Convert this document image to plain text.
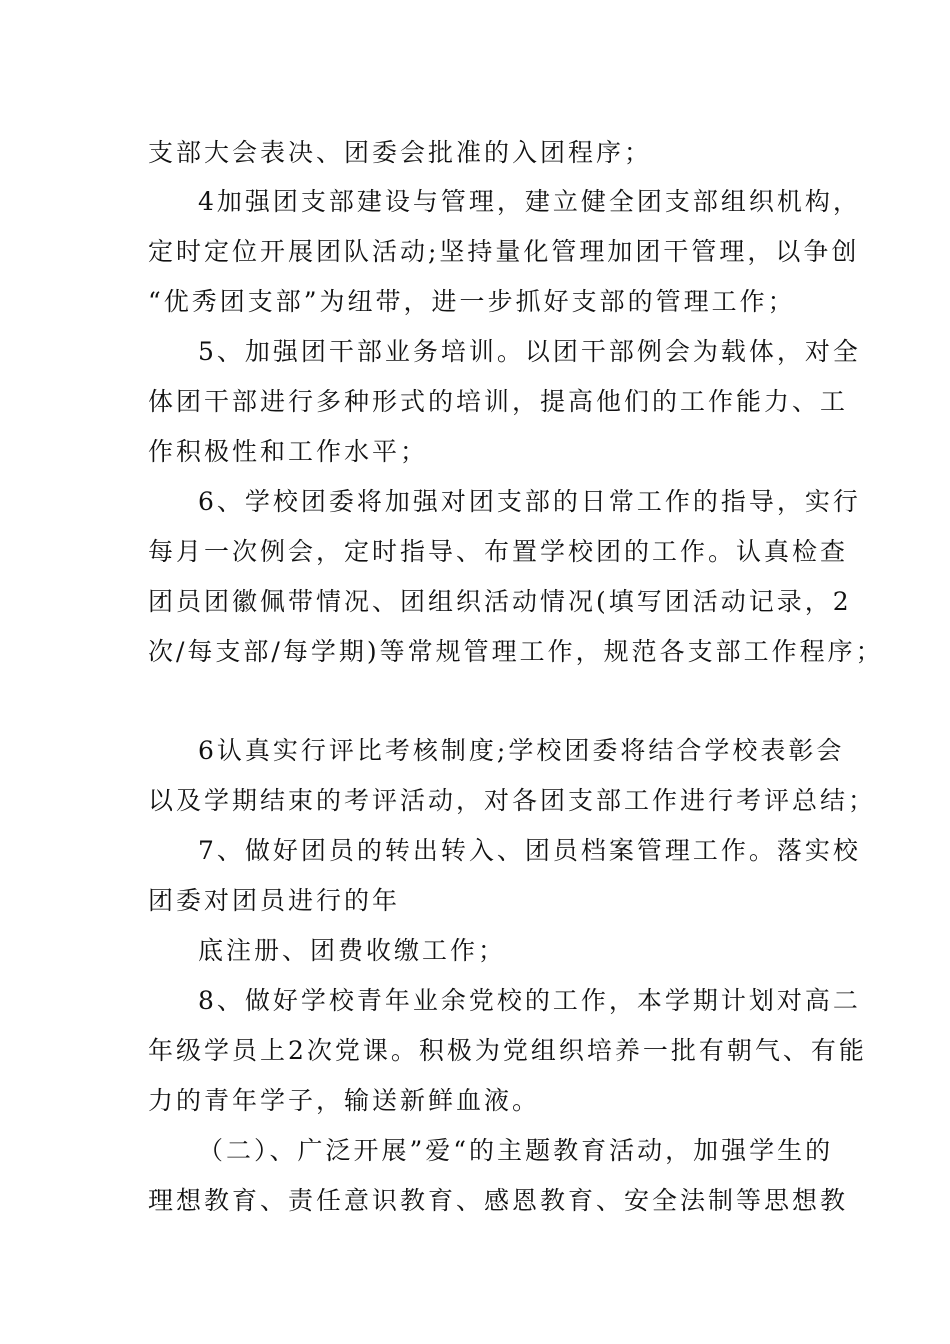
支部大会表决、团委会批准的入团程序；

4加强团支部建设与管理，建立健全团支部组织机构，

定时定位开展团队活动;坚持量化管理加团干管理，以争创

“优秀团支部”为纽带，进一步抓好支部的管理工作；

5、加强团干部业务培训。以团干部例会为载体，对全

体团干部进行多种形式的培训，提高他们的工作能力、工

作积极性和工作水平；

6、学校团委将加强对团支部的日常工作的指导，实行

每月一次例会，定时指导、布置学校团的工作。认真检查

团员团徽佩带情况、团组织活动情况(填写团活动记录，2

次/每支部/每学期)等常规管理工作，规范各支部工作程序；

6认真实行评比考核制度;学校团委将结合学校表彰会

以及学期结束的考评活动，对各团支部工作进行考评总结；

7、做好团员的转出转入、团员档案管理工作。落实校

团委对团员进行的年

底注册、团费收缴工作；

8、做好学校青年业余党校的工作，本学期计划对高二

年级学员上2次党课。积极为党组织培养一批有朝气、有能

力的青年学子，输送新鲜血液。

（二）、广泛开展”爱“的主题教育活动，加强学生的

理想教育、责任意识教育、感恩教育、安全法制等思想教
